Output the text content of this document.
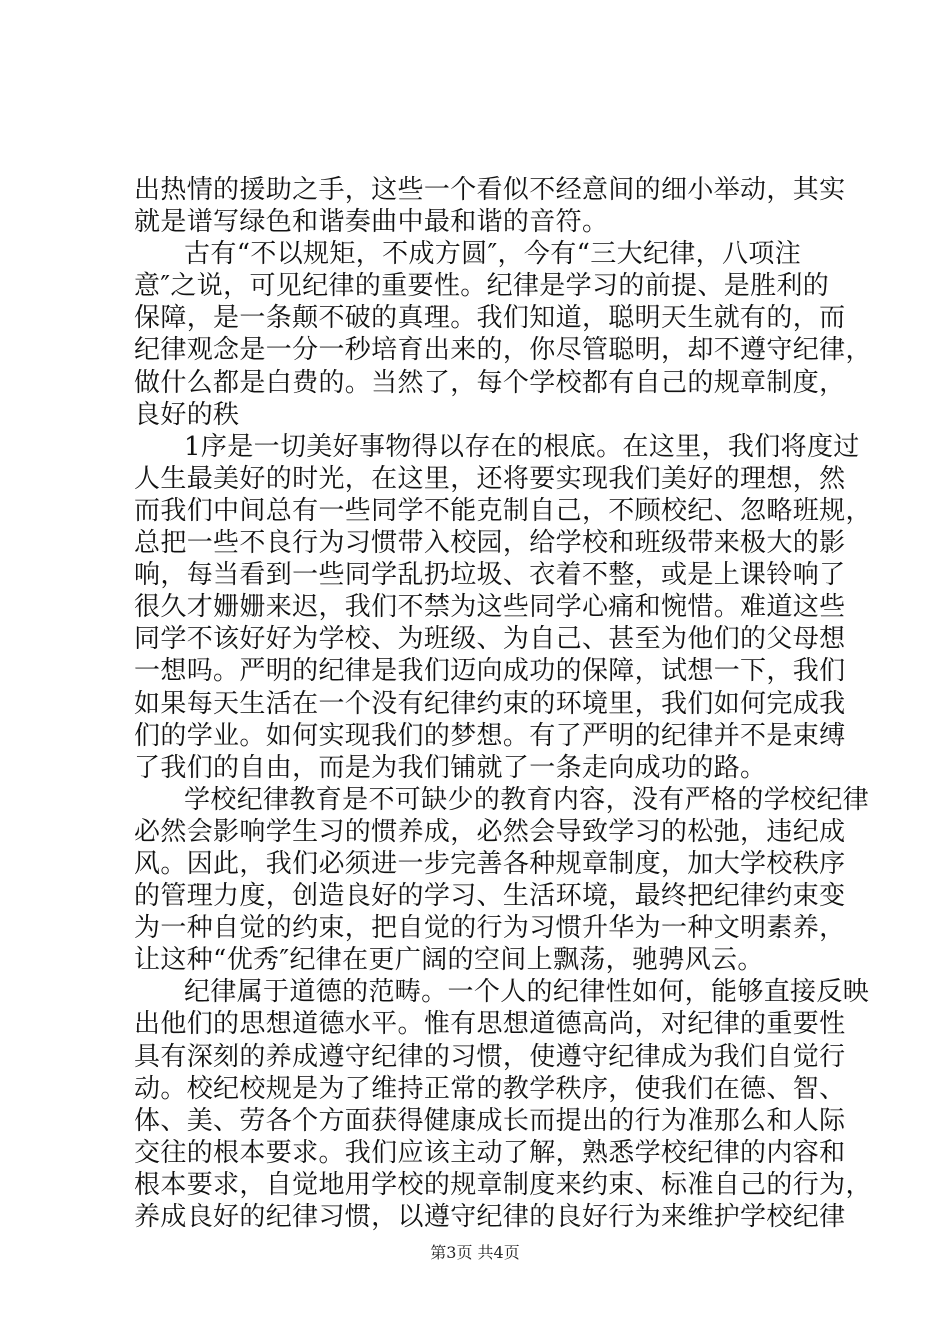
出热情的援助之手，这些一个看似不经意间的细小举动，其实
就是谱写绿色和谐奏曲中最和谐的音符。
古有“不以规矩，不成方圆″，今有“三大纪律，八项注
意″之说，可见纪律的重要性。纪律是学习的前提、是胜利的
保障，是一条颠不破的真理。我们知道，聪明天生就有的，而
纪律观念是一分一秒培育出来的，你尽管聪明，却不遵守纪律，
做什么都是白费的。当然了，每个学校都有自己的规章制度，
良好的秩
1序是一切美好事物得以存在的根底。在这里，我们将度过
人生最美好的时光，在这里，还将要实现我们美好的理想，然
而我们中间总有一些同学不能克制自己，不顾校纪、忽略班规，
总把一些不良行为习惯带入校园，给学校和班级带来极大的影
响，每当看到一些同学乱扔垃圾、衣着不整，或是上课铃响了
很久才姗姗来迟，我们不禁为这些同学心痛和惋惜。难道这些
同学不该好好为学校、为班级、为自己、甚至为他们的父母想
一想吗。严明的纪律是我们迈向成功的保障，试想一下，我们
如果每天生活在一个没有纪律约束的环境里，我们如何完成我
们的学业。如何实现我们的梦想。有了严明的纪律并不是束缚
了我们的自由，而是为我们铺就了一条走向成功的路。
学校纪律教育是不可缺少的教育内容，没有严格的学校纪律
必然会影响学生习的惯养成，必然会导致学习的松弛，违纪成
风。因此，我们必须进一步完善各种规章制度，加大学校秩序
的管理力度，创造良好的学习、生活环境，最终把纪律约束变
为一种自觉的约束，把自觉的行为习惯升华为一种文明素养，
让这种“优秀″纪律在更广阔的空间上飘荡，驰骋风云。
纪律属于道德的范畴。一个人的纪律性如何，能够直接反映
出他们的思想道德水平。惟有思想道德高尚，对纪律的重要性
具有深刻的养成遵守纪律的习惯，使遵守纪律成为我们自觉行
动。校纪校规是为了维持正常的教学秩序，使我们在德、智、
体、美、劳各个方面获得健康成长而提出的行为准那么和人际
交往的根本要求。我们应该主动了解，熟悉学校纪律的内容和
根本要求，自觉地用学校的规章制度来约束、标准自己的行为，
养成良好的纪律习惯，以遵守纪律的良好行为来维护学校纪律
第3页 共4页
